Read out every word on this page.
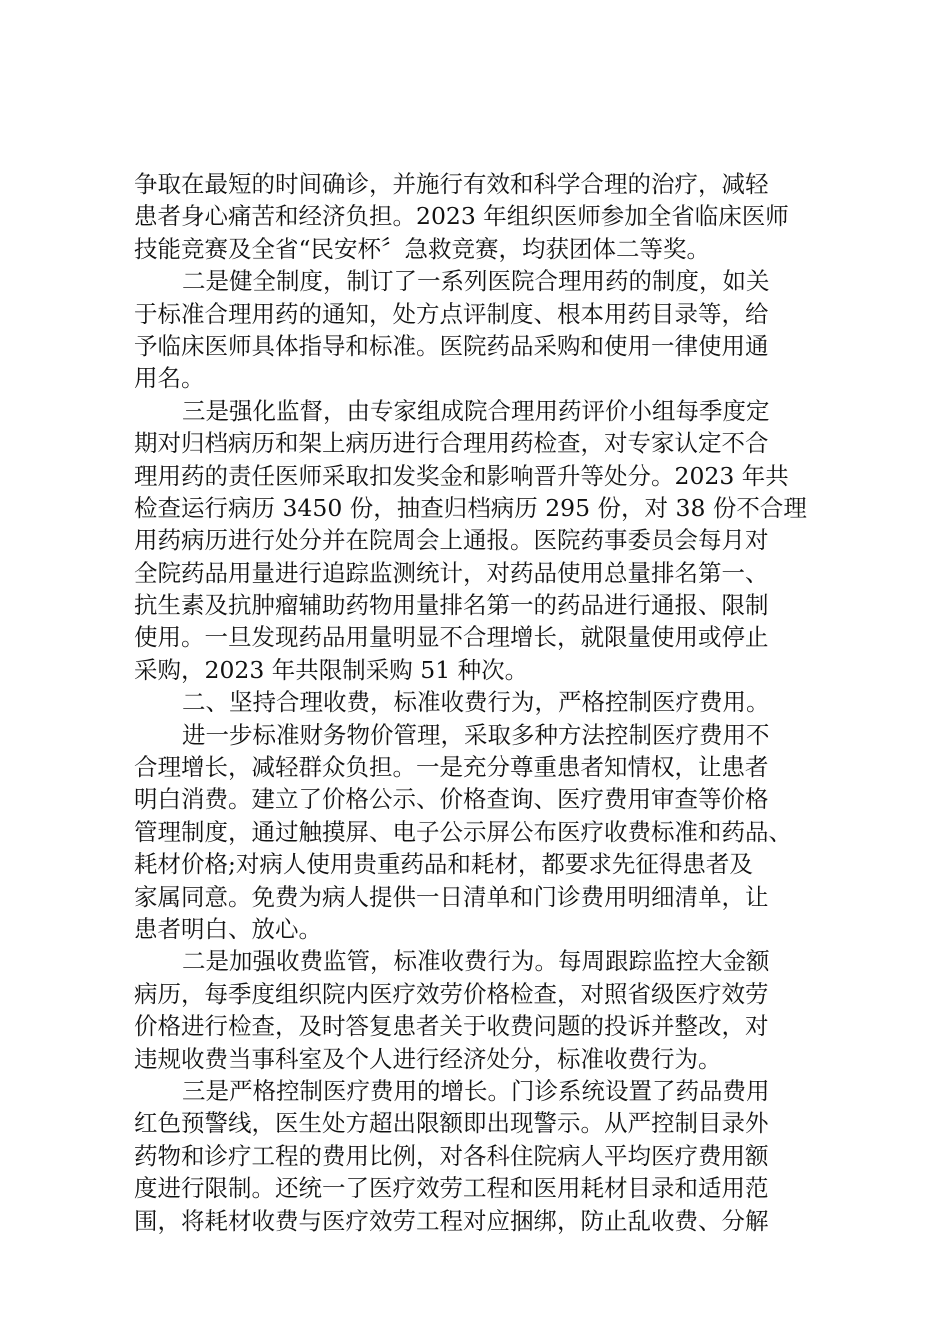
争取在最短的时间确诊，并施行有效和科学合理的治疗，减轻
患者身心痛苦和经济负担。2023 年组织医师参加全省临床医师
技能竞赛及全省“民安杯〞急救竞赛，均获团体二等奖。
二是健全制度，制订了一系列医院合理用药的制度，如关
于标准合理用药的通知，处方点评制度、根本用药目录等，给
予临床医师具体指导和标准。医院药品采购和使用一律使用通
用名。
三是强化监督，由专家组成院合理用药评价小组每季度定
期对归档病历和架上病历进行合理用药检查，对专家认定不合
理用药的责任医师采取扣发奖金和影响晋升等处分。2023 年共
检查运行病历 3450 份，抽查归档病历 295 份，对 38 份不合理
用药病历进行处分并在院周会上通报。医院药事委员会每月对
全院药品用量进行追踪监测统计，对药品使用总量排名第一、
抗生素及抗肿瘤辅助药物用量排名第一的药品进行通报、限制
使用。一旦发现药品用量明显不合理增长，就限量使用或停止
采购，2023 年共限制采购 51 种次。
二、坚持合理收费，标准收费行为，严格控制医疗费用。
进一步标准财务物价管理，采取多种方法控制医疗费用不
合理增长，减轻群众负担。一是充分尊重患者知情权，让患者
明白消费。建立了价格公示、价格查询、医疗费用审查等价格
管理制度，通过触摸屏、电子公示屏公布医疗收费标准和药品、
耗材价格;对病人使用贵重药品和耗材，都要求先征得患者及
家属同意。免费为病人提供一日清单和门诊费用明细清单，让
患者明白、放心。
二是加强收费监管，标准收费行为。每周跟踪监控大金额
病历，每季度组织院内医疗效劳价格检查，对照省级医疗效劳
价格进行检查，及时答复患者关于收费问题的投诉并整改，对
违规收费当事科室及个人进行经济处分，标准收费行为。
三是严格控制医疗费用的增长。门诊系统设置了药品费用
红色预警线，医生处方超出限额即出现警示。从严控制目录外
药物和诊疗工程的费用比例，对各科住院病人平均医疗费用额
度进行限制。还统一了医疗效劳工程和医用耗材目录和适用范
围，将耗材收费与医疗效劳工程对应捆绑，防止乱收费、分解
